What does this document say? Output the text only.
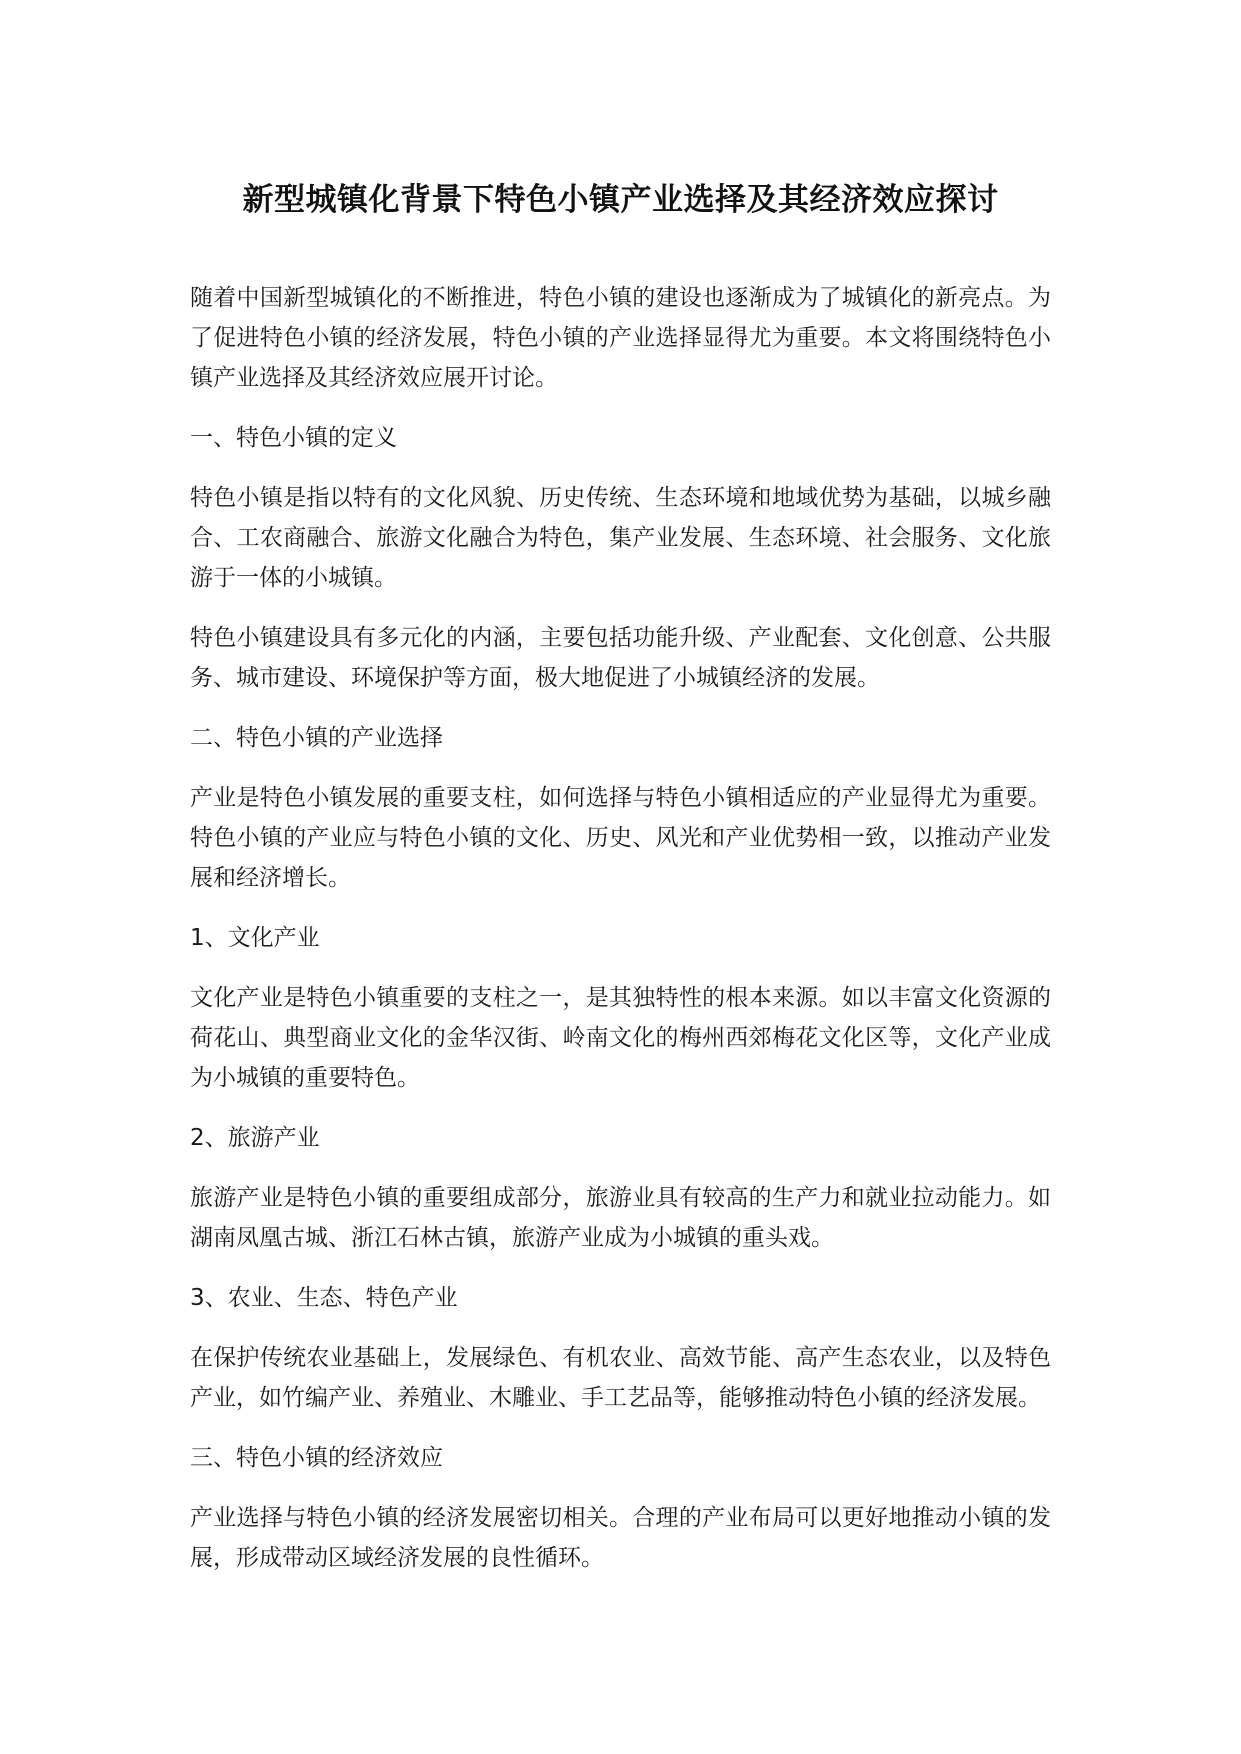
新型城镇化背景下特色小镇产业选择及其经济效应探讨

随着中国新型城镇化的不断推进，特色小镇的建设也逐渐成为了城镇化的新亮点。为了促进特色小镇的经济发展，特色小镇的产业选择显得尤为重要。本文将围绕特色小镇产业选择及其经济效应展开讨论。

一、特色小镇的定义

特色小镇是指以特有的文化风貌、历史传统、生态环境和地域优势为基础，以城乡融合、工农商融合、旅游文化融合为特色，集产业发展、生态环境、社会服务、文化旅游于一体的小城镇。

特色小镇建设具有多元化的内涵，主要包括功能升级、产业配套、文化创意、公共服务、城市建设、环境保护等方面，极大地促进了小城镇经济的发展。

二、特色小镇的产业选择

产业是特色小镇发展的重要支柱，如何选择与特色小镇相适应的产业显得尤为重要。特色小镇的产业应与特色小镇的文化、历史、风光和产业优势相一致，以推动产业发展和经济增长。

1、文化产业

文化产业是特色小镇重要的支柱之一，是其独特性的根本来源。如以丰富文化资源的荷花山、典型商业文化的金华汉街、岭南文化的梅州西郊梅花文化区等，文化产业成为小城镇的重要特色。

2、旅游产业

旅游产业是特色小镇的重要组成部分，旅游业具有较高的生产力和就业拉动能力。如湖南凤凰古城、浙江石林古镇，旅游产业成为小城镇的重头戏。

3、农业、生态、特色产业

在保护传统农业基础上，发展绿色、有机农业、高效节能、高产生态农业，以及特色产业，如竹编产业、养殖业、木雕业、手工艺品等，能够推动特色小镇的经济发展。

三、特色小镇的经济效应

产业选择与特色小镇的经济发展密切相关。合理的产业布局可以更好地推动小镇的发展，形成带动区域经济发展的良性循环。
